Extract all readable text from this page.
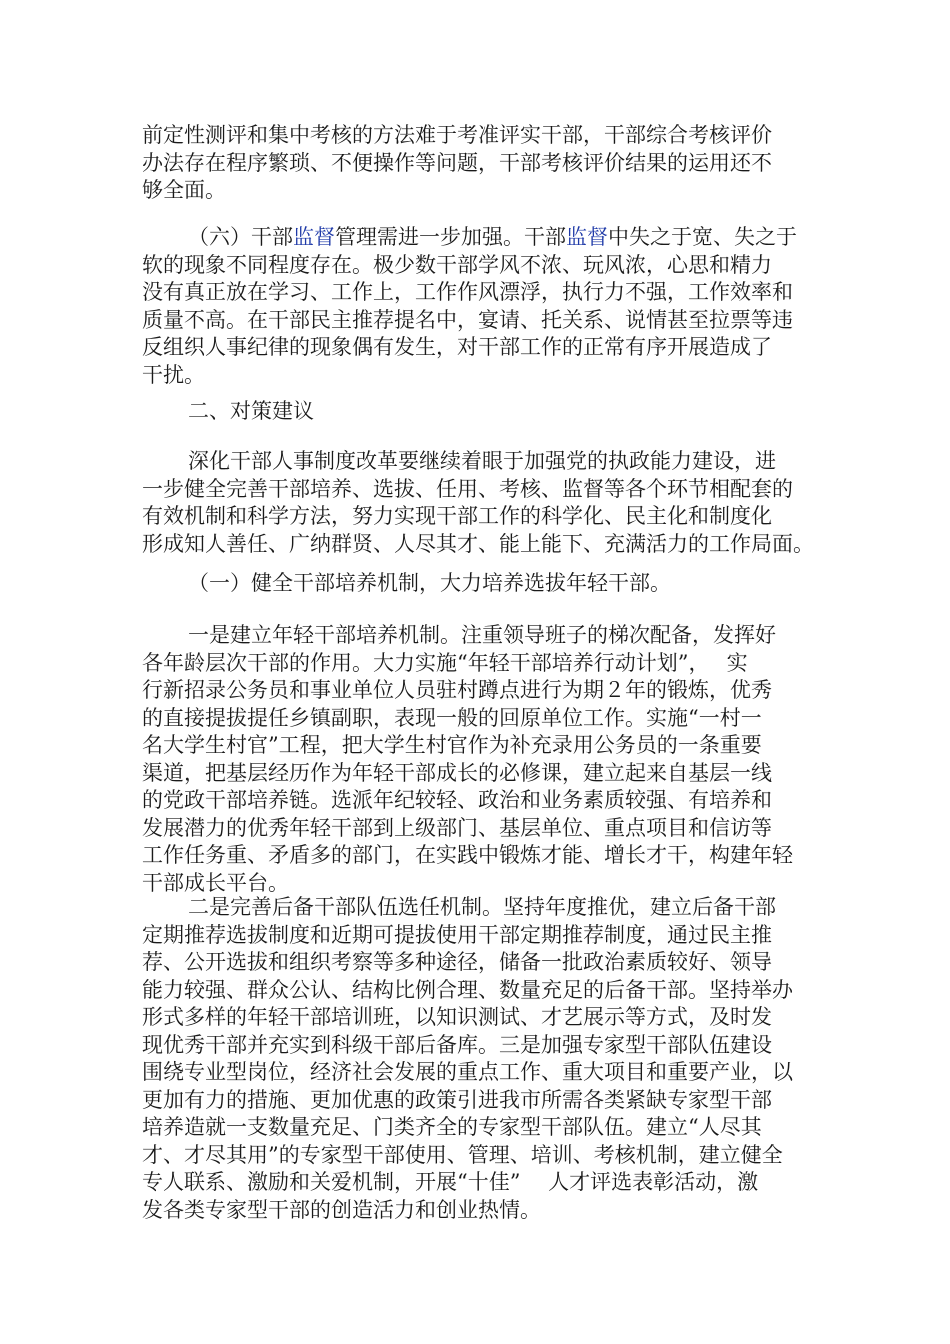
前定性测评和集中考核的方法难于考准评实干部，干部综合考核评价
办法存在程序繁琐、不便操作等问题，干部考核评价结果的运用还不
够全面。
（六）干部监督管理需进一步加强。干部监督中失之于宽、失之于
软的现象不同程度存在。极少数干部学风不浓、玩风浓，心思和精力
没有真正放在学习、工作上，工作作风漂浮，执行力不强，工作效率和
质量不高。在干部民主推荐提名中，宴请、托关系、说情甚至拉票等违
反组织人事纪律的现象偶有发生，对干部工作的正常有序开展造成了
干扰。
二、对策建议
深化干部人事制度改革要继续着眼于加强党的执政能力建设，进
一步健全完善干部培养、选拔、任用、考核、监督等各个环节相配套的
有效机制和科学方法，努力实现干部工作的科学化、民主化和制度化
形成知人善任、广纳群贤、人尽其才、能上能下、充满活力的工作局面。
（一）健全干部培养机制，大力培养选拔年轻干部。
一是建立年轻干部培养机制。注重领导班子的梯次配备，发挥好
各年龄层次干部的作用。大力实施“年轻干部培养行动计划”，　 实
行新招录公务员和事业单位人员驻村蹲点进行为期２年的锻炼，优秀
的直接提拔提任乡镇副职，表现一般的回原单位工作。实施“一村一
名大学生村官”工程，把大学生村官作为补充录用公务员的一条重要
渠道，把基层经历作为年轻干部成长的必修课，建立起来自基层一线
的党政干部培养链。选派年纪较轻、政治和业务素质较强、有培养和
发展潜力的优秀年轻干部到上级部门、基层单位、重点项目和信访等
工作任务重、矛盾多的部门，在实践中锻炼才能、增长才干，构建年轻
干部成长平台。
二是完善后备干部队伍选任机制。坚持年度推优，建立后备干部
定期推荐选拔制度和近期可提拔使用干部定期推荐制度，通过民主推
荐、公开选拔和组织考察等多种途径，储备一批政治素质较好、领导
能力较强、群众公认、结构比例合理、数量充足的后备干部。坚持举办
形式多样的年轻干部培训班，以知识测试、才艺展示等方式，及时发
现优秀干部并充实到科级干部后备库。三是加强专家型干部队伍建设
围绕专业型岗位，经济社会发展的重点工作、重大项目和重要产业，以
更加有力的措施、更加优惠的政策引进我市所需各类紧缺专家型干部
培养造就一支数量充足、门类齐全的专家型干部队伍。建立“人尽其
才、才尽其用”的专家型干部使用、管理、培训、考核机制，建立健全
专人联系、激励和关爱机制，开展“十佳”　 人才评选表彰活动，激
发各类专家型干部的创造活力和创业热情。
